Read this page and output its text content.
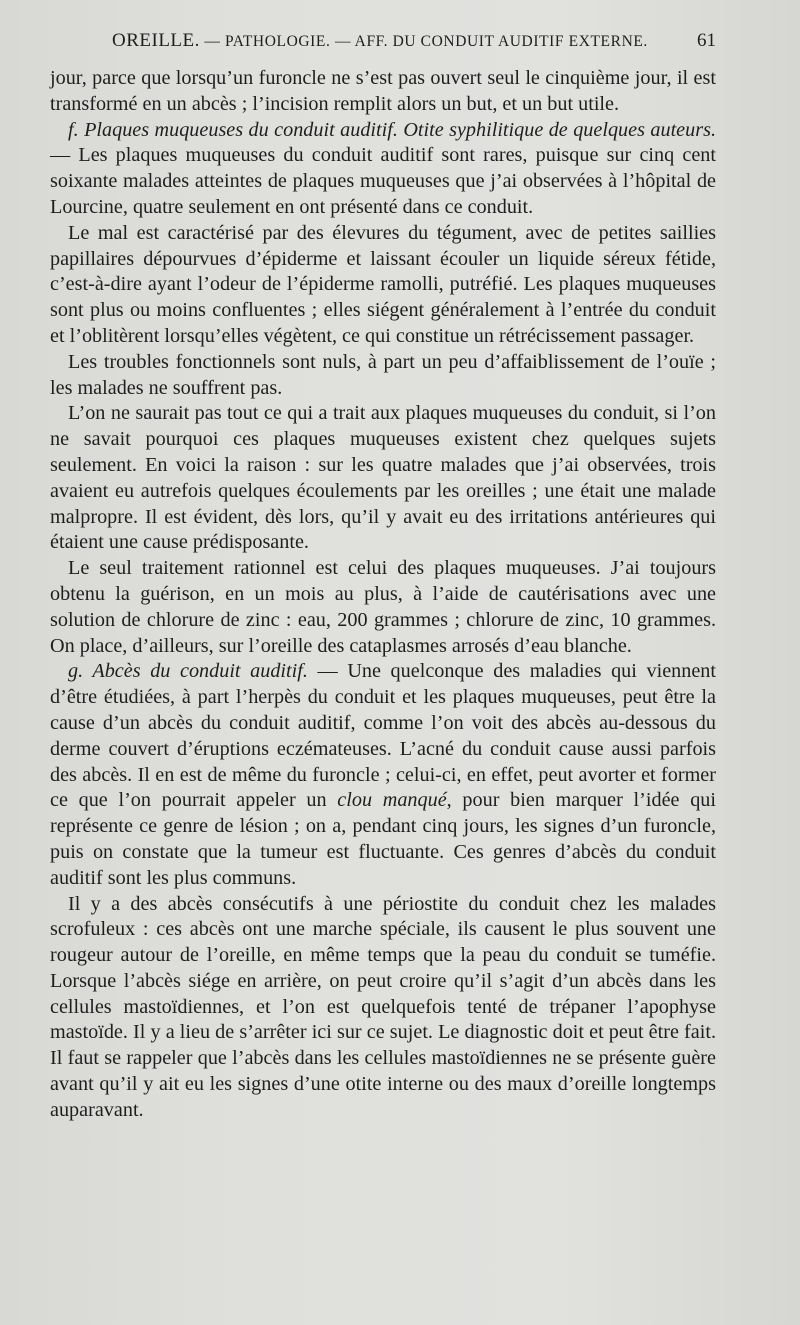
OREILLE. — PATHOLOGIE. — AFF. DU CONDUIT AUDITIF EXTERNE.	61

jour, parce que lorsqu’un furoncle ne s’est pas ouvert seul le cinquième jour, il est transformé en un abcès ; l’incision remplit alors un but, et un but utile.

f. Plaques muqueuses du conduit auditif. Otite syphilitique de quelques auteurs. — Les plaques muqueuses du conduit auditif sont rares, puisque sur cinq cent soixante malades atteintes de plaques muqueuses que j’ai observées à l’hôpital de Lourcine, quatre seulement en ont présenté dans ce conduit.

Le mal est caractérisé par des élevures du tégument, avec de petites saillies papillaires dépourvues d’épiderme et laissant écouler un liquide séreux fétide, c’est-à-dire ayant l’odeur de l’épiderme ramolli, putréfié. Les plaques muqueuses sont plus ou moins confluentes ; elles siégent généralement à l’entrée du conduit et l’oblitèrent lorsqu’elles végètent, ce qui constitue un rétrécissement passager.

Les troubles fonctionnels sont nuls, à part un peu d’affaiblissement de l’ouïe ; les malades ne souffrent pas.

L’on ne saurait pas tout ce qui a trait aux plaques muqueuses du conduit, si l’on ne savait pourquoi ces plaques muqueuses existent chez quelques sujets seulement. En voici la raison : sur les quatre malades que j’ai observées, trois avaient eu autrefois quelques écoulements par les oreilles ; une était une malade malpropre. Il est évident, dès lors, qu’il y avait eu des irritations antérieures qui étaient une cause prédisposante.

Le seul traitement rationnel est celui des plaques muqueuses. J’ai toujours obtenu la guérison, en un mois au plus, à l’aide de cautérisations avec une solution de chlorure de zinc : eau, 200 grammes ; chlorure de zinc, 10 grammes. On place, d’ailleurs, sur l’oreille des cataplasmes arrosés d’eau blanche.

g. Abcès du conduit auditif. — Une quelconque des maladies qui viennent d’être étudiées, à part l’herpès du conduit et les plaques muqueuses, peut être la cause d’un abcès du conduit auditif, comme l’on voit des abcès au-dessous du derme couvert d’éruptions eczémateuses. L’acné du conduit cause aussi parfois des abcès. Il en est de même du furoncle ; celui-ci, en effet, peut avorter et former ce que l’on pourrait appeler un clou manqué, pour bien marquer l’idée qui représente ce genre de lésion ; on a, pendant cinq jours, les signes d’un furoncle, puis on constate que la tumeur est fluctuante. Ces genres d’abcès du conduit auditif sont les plus communs.

Il y a des abcès consécutifs à une périostite du conduit chez les malades scrofuleux : ces abcès ont une marche spéciale, ils causent le plus souvent une rougeur autour de l’oreille, en même temps que la peau du conduit se tuméfie. Lorsque l’abcès siége en arrière, on peut croire qu’il s’agit d’un abcès dans les cellules mastoïdiennes, et l’on est quelquefois tenté de trépaner l’apophyse mastoïde. Il y a lieu de s’arrêter ici sur ce sujet. Le diagnostic doit et peut être fait. Il faut se rappeler que l’abcès dans les cellules mastoïdiennes ne se présente guère avant qu’il y ait eu les signes d’une otite interne ou des maux d’oreille longtemps auparavant.
